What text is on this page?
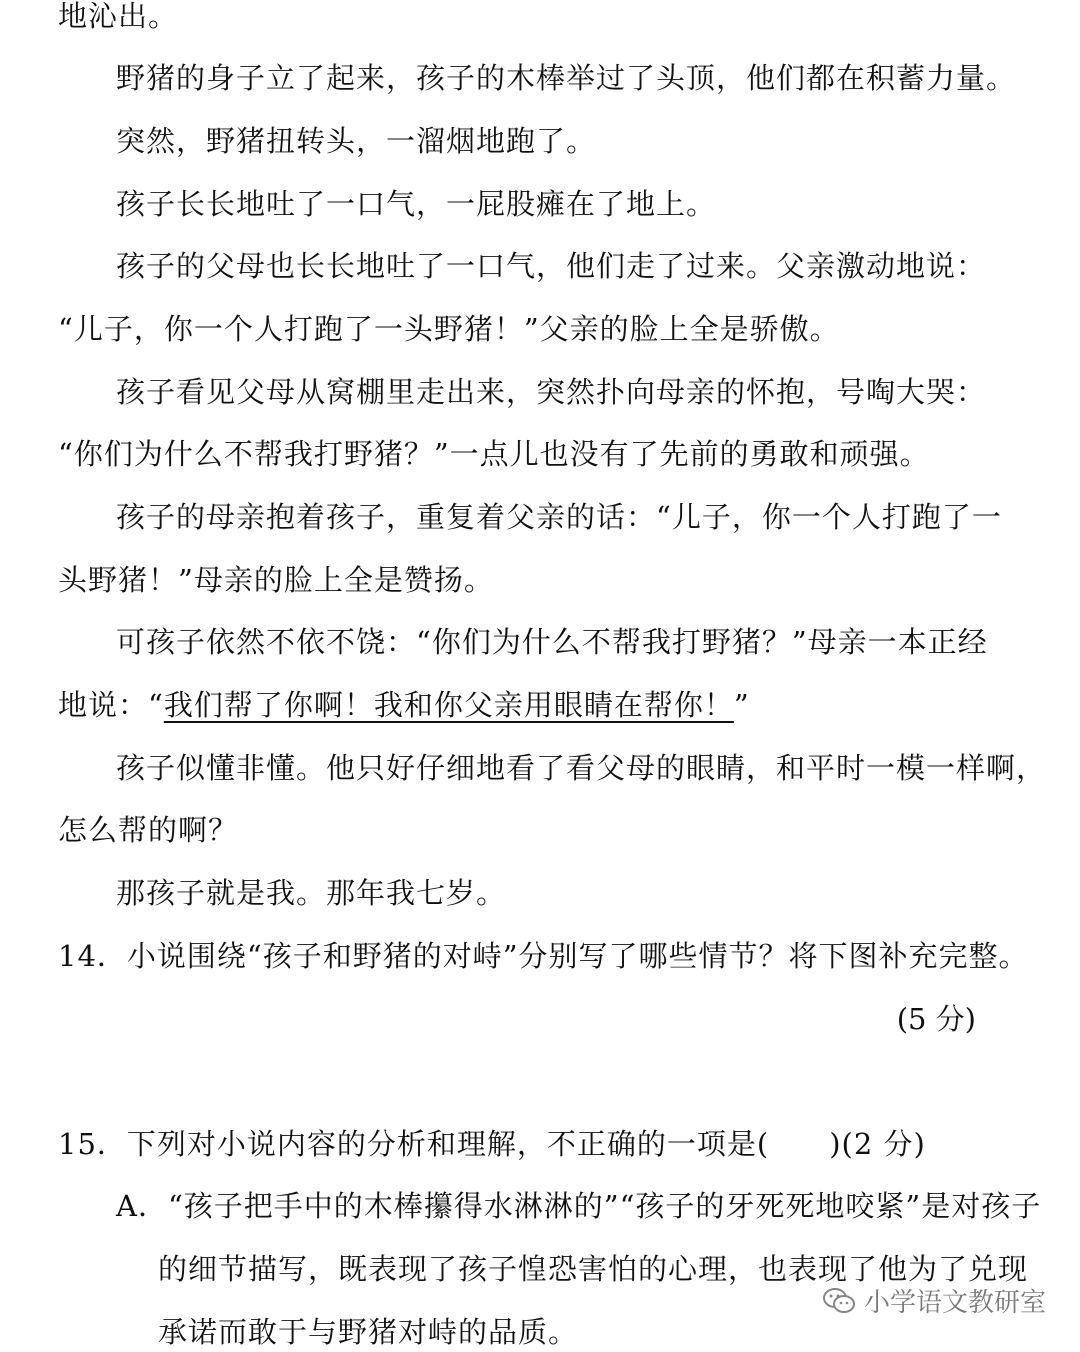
地沁出。
野猪的身子立了起来，孩子的木棒举过了头顶，他们都在积蓄力量。
突然，野猪扭转头，一溜烟地跑了。
孩子长长地吐了一口气，一屁股瘫在了地上。
孩子的父母也长长地吐了一口气，他们走了过来。父亲激动地说：
“儿子，你一个人打跑了一头野猪！”父亲的脸上全是骄傲。
孩子看见父母从窝棚里走出来，突然扑向母亲的怀抱，号啕大哭：
“你们为什么不帮我打野猪？”一点儿也没有了先前的勇敢和顽强。
孩子的母亲抱着孩子，重复着父亲的话：“儿子，你一个人打跑了一
头野猪！”母亲的脸上全是赞扬。
可孩子依然不依不饶：“你们为什么不帮我打野猪？”母亲一本正经
地说：“我们帮了你啊！我和你父亲用眼睛在帮你！”
孩子似懂非懂。他只好仔细地看了看父母的眼睛，和平时一模一样啊，
怎么帮的啊？
那孩子就是我。那年我七岁。
14．小说围绕“孩子和野猪的对峙”分别写了哪些情节？将下图补充完整。
(5 分)
15．下列对小说内容的分析和理解，不正确的一项是(　　)(2 分)
A．“孩子把手中的木棒攥得水淋淋的”“孩子的牙死死地咬紧”是对孩子
的细节描写，既表现了孩子惶恐害怕的心理，也表现了他为了兑现
承诺而敢于与野猪对峙的品质。
小学语文教研室
